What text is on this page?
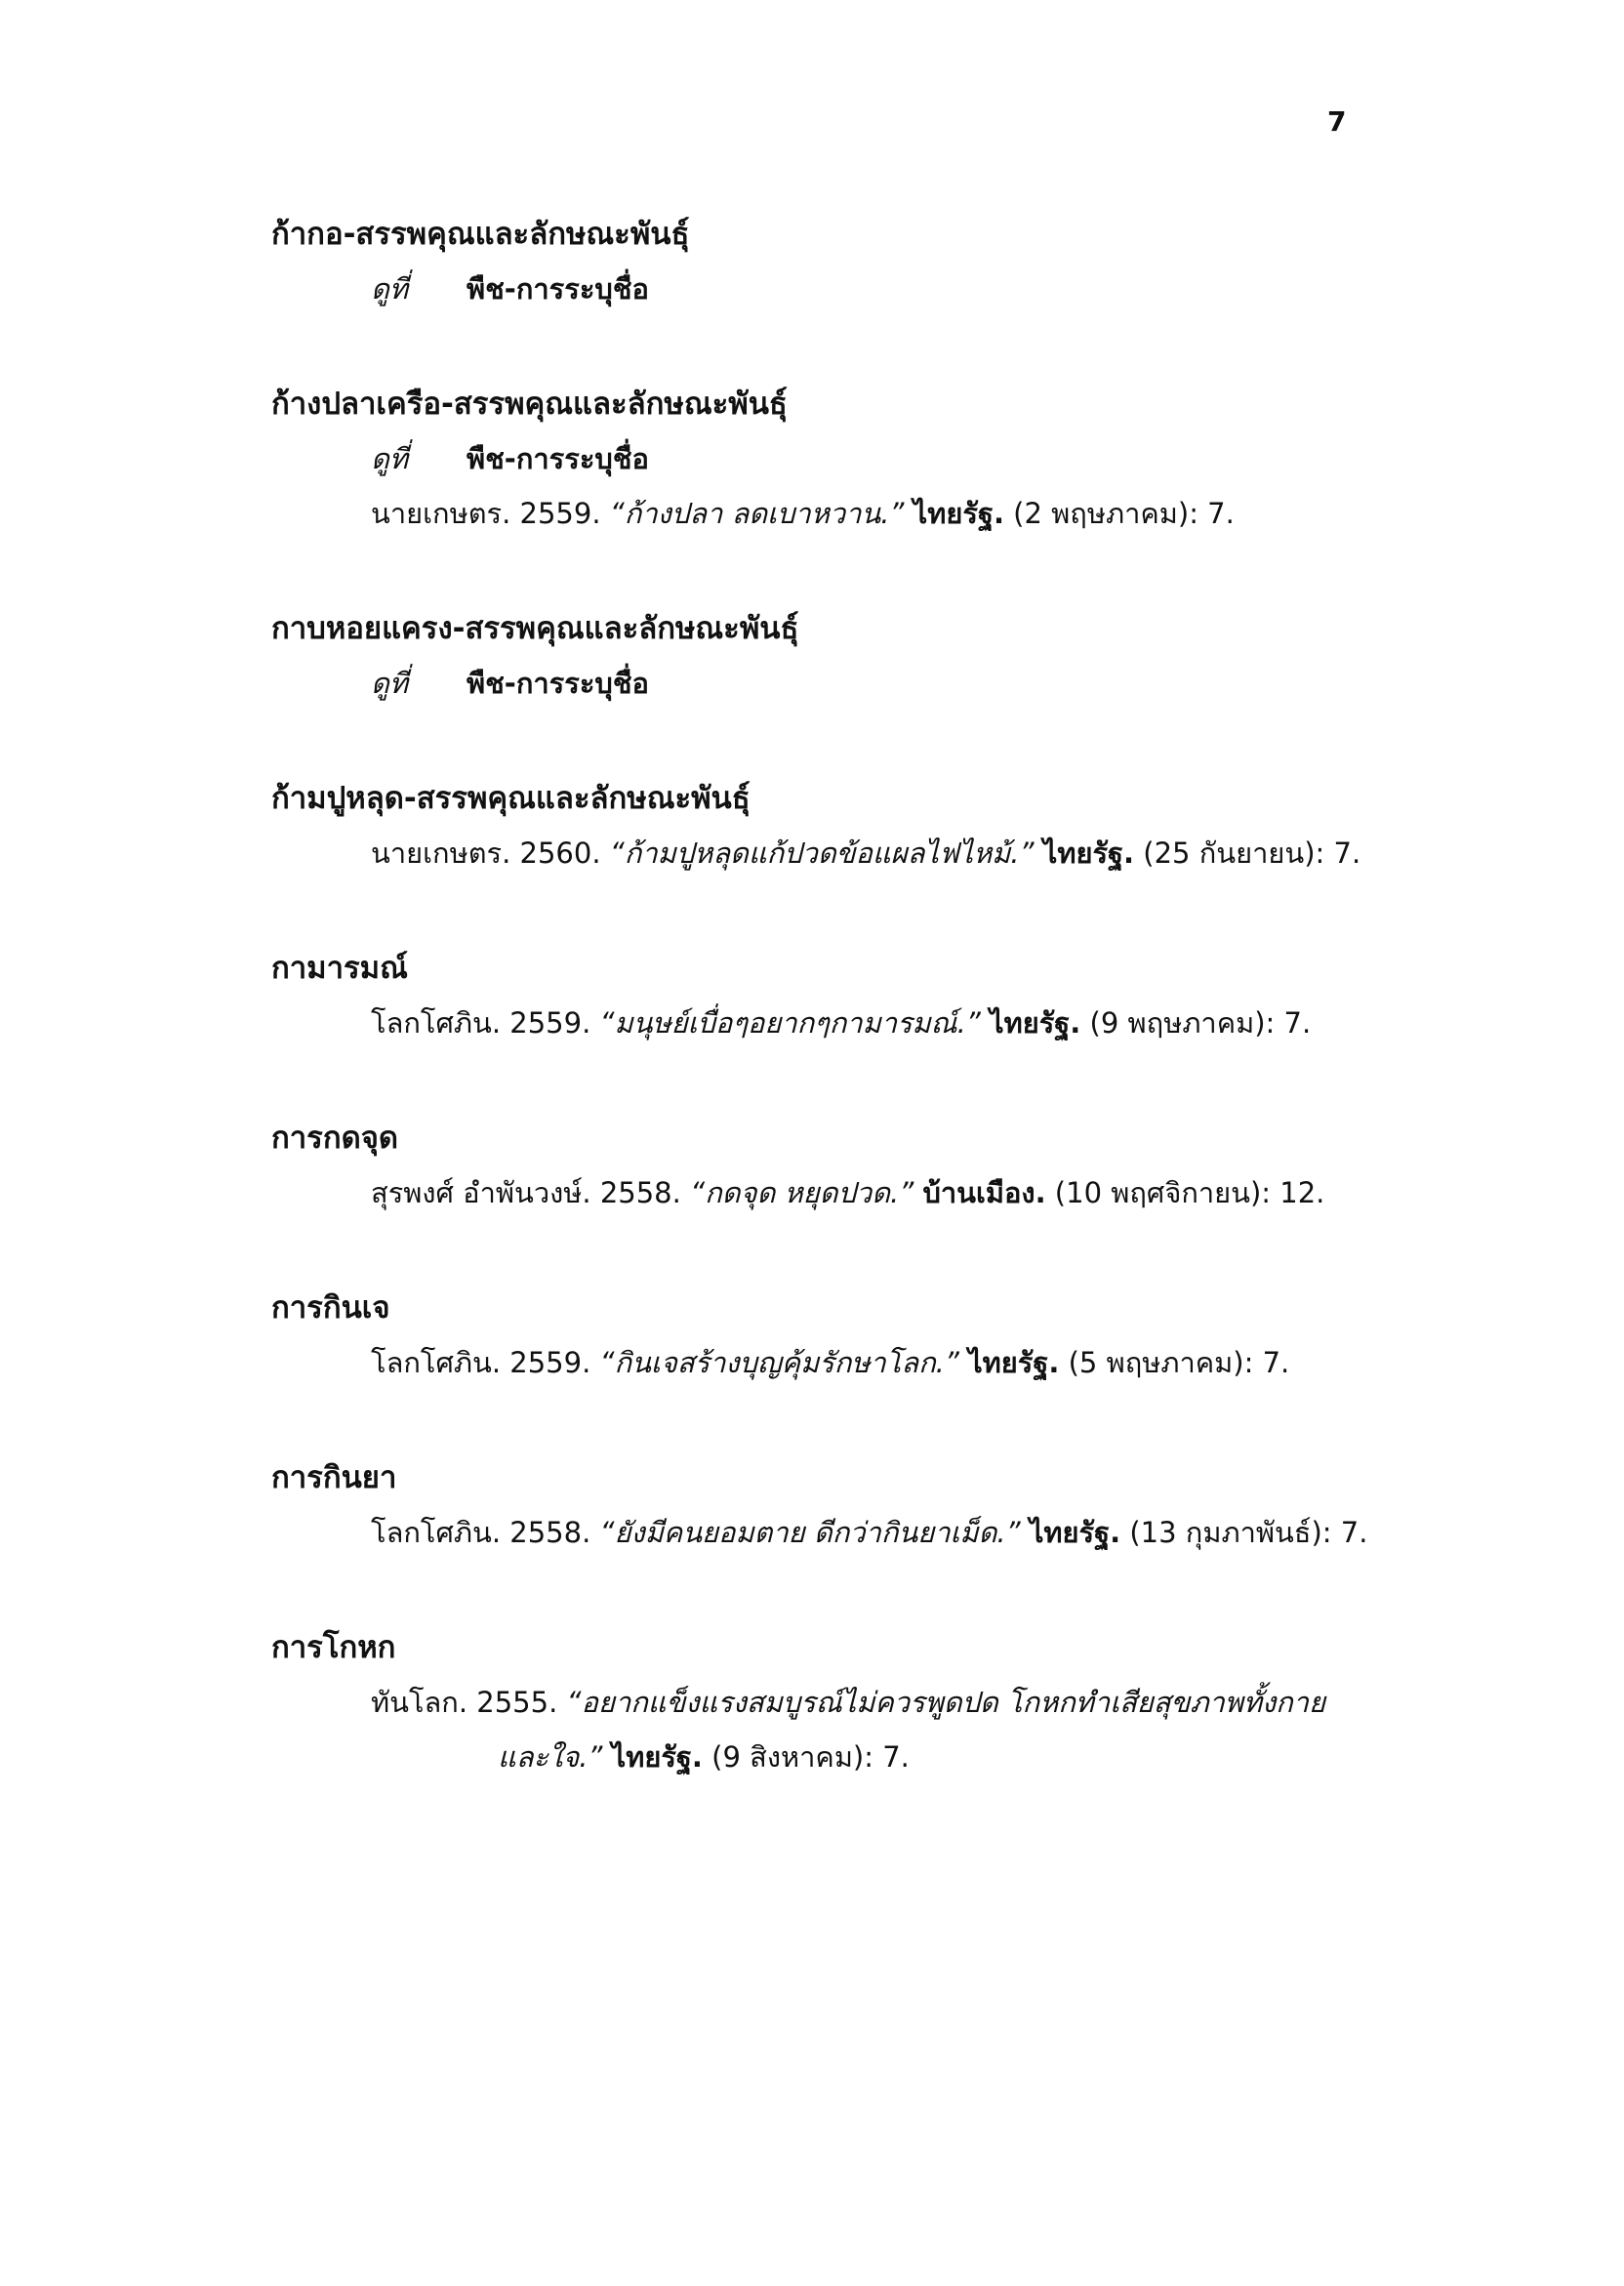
7
ก้ากอ-สรรพคุณและลักษณะพันธุ์
ดูที่ พืช-การระบุชื่อ
ก้างปลาเครือ-สรรพคุณและลักษณะพันธุ์
ดูที่ พืช-การระบุชื่อ
นายเกษตร. 2559. “ก้างปลา ลดเบาหวาน.” ไทยรัฐ. (2 พฤษภาคม): 7.
กาบหอยแครง-สรรพคุณและลักษณะพันธุ์
ดูที่ พืช-การระบุชื่อ
ก้ามปูหลุด-สรรพคุณและลักษณะพันธุ์
นายเกษตร. 2560. “ก้ามปูหลุดแก้ปวดข้อแผลไฟไหม้.” ไทยรัฐ. (25 กันยายน): 7.
กามารมณ์
โลกโศภิน. 2559. “มนุษย์เบื่อๆอยากๆกามารมณ์.” ไทยรัฐ. (9 พฤษภาคม): 7.
การกดจุด
สุรพงศ์ อำพันวงษ์. 2558. “กดจุด หยุดปวด.” บ้านเมือง. (10 พฤศจิกายน): 12.
การกินเจ
โลกโศภิน. 2559. “กินเจสร้างบุญคุ้มรักษาโลก.” ไทยรัฐ. (5 พฤษภาคม): 7.
การกินยา
โลกโศภิน. 2558. “ยังมีคนยอมตาย ดีกว่ากินยาเม็ด.” ไทยรัฐ. (13 กุมภาพันธ์): 7.
การโกหก
ทันโลก. 2555. “อยากแข็งแรงสมบูรณ์ไม่ควรพูดปด โกหกทำเสียสุขภาพทั้งกาย
และใจ.” ไทยรัฐ. (9 สิงหาคม): 7.
